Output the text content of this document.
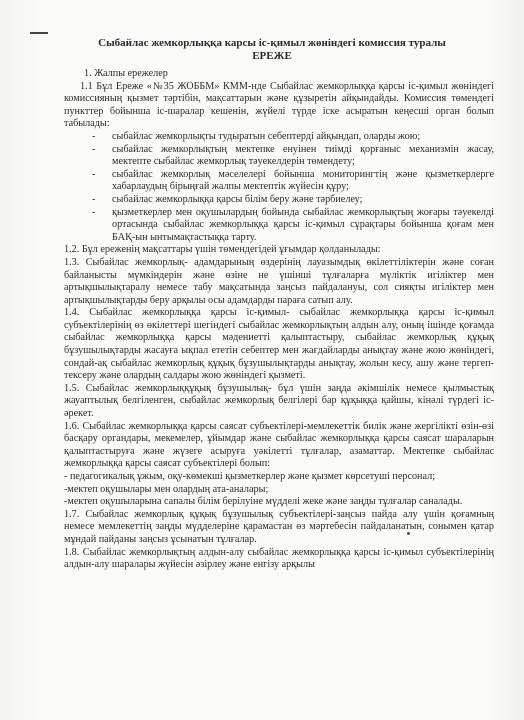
Сыбайлас жемкорлыққа карсы іс-қимыл жөніндегі комиссия туралы
ЕРЕЖЕ

1. Жалпы ережелер

1.1 Бұл Ереже «№35 ЖОББМ» КММ-нде Сыбайлас жемкорлыққа қарсы іс-қимыл жөніндегі комиссияның қызмет тәртібін, мақсаттарын және құзыретін айқындайды. Комиссия төмендегі пункттер бойынша іс-шаралар кешенін, жүйелі түрде іске асыратын кеңесші орган болып табылады:

- сыбайлас жемкорлықты тудыратын себептерді айқындап, оларды жою;
- сыбайлас жемкорлықтың мектепке енуінен тиімді қорғаныс механизмін жасау, мектепте сыбайлас жемкорлық тәуекелдерін төмендету;
- сыбайлас жемкорлық мәселелері бойынша мониторингтің және қызметкерлерге хабарлаудың бірыңғай жалпы мектептік жүйесін құру;
- сыбайлас жемкорлыққа қарсы білім беру және тәрбиелеу;
- қызметкерлер мен оқушылардың бойында сыбайлас жемкорлықтың жоғары тәуекелді ортасында сыбайлас жемкорлыққа қарсы іс-қимыл сұрақтары бойынша қоғам мен БАҚ-ын ынтымақтастыққа тарту.

1.2. Бұл ереженің мақсаттары үшін төмендегідей ұғымдар қолданылады:

1.3. Сыбайлас жемкорлық- адамдарының өздерінің лауазымдық өкілеттіліктерін және соған байланысты мүмкіндерін және өзіне не үшінші тұлғаларға мүліктік игіліктер мен артықшылықтаралу немесе табу мақсатында заңсыз пайдалануы, сол сияқты игіліктер мен артықшылықтарды беру арқылы осы адамдарды параға сатып алу.

1.4. Сыбайлас жемкорлыққа қарсы іс-қимыл- сыбайлас жемкорлыққа қарсы іс-қимыл субъектілерінің өз өкілеттері шегіндегі сыбайлас жемкорлықтың алдын алу, оның ішінде қоғамда сыбайлас жемкорлыққа қарсы мәдениетті қалыптастыру, сыбайлас жемкорлық құқық бұзушылықтарды жасауға ықпал ететін себептер мен жағдайларды анықтау және жою жөніндегі, сондай-ақ сыбайлас жемкорлық құқық бұзушылықтарды анықтау, жолын кесу, ашу және тергеп-тексеру және олардың салдары жою жөніндегі қызметі.

1.5. Сыбайлас жемкорлыққұқық бұзушылық- бұл үшін заңда әкімшілік немесе қылмыстық жауаптылық белгіленген, сыбайлас жемкорлық белгілері бар құқыққа қайшы, кінәлі түрдегі іс-әрекет.

1.6. Сыбайлас жемкорлыққа қарсы саясат субъектілері-мемлекеттік билік және жергілікті өзін-өзі басқару органдары, мекемелер, ұйымдар және сыбайлас жемкорлыққа қарсы саясат шараларын қалыптастыруға және жүзеге асыруға уәкілетті тұлғалар, азаматтар. Мектепке сыбайлас жемкорлыққа қарсы саясат субъектілері болып:

- педагогикалық ұжым, оқу-көмекші қызметкерлер және қызмет көрсетуші персонал;

-мектеп оқушылары мен олардың ата-аналары;

-мектеп оқушыларына сапалы білім берілуіне мүдделі жеке және заңды тұлғалар саналады.

1.7. Сыбайлас жемкорлық құқық бұзушылық субъектілері-заңсыз пайда алу үшін қоғамның немесе мемлекеттің заңды мүдделеріне қарамастан өз мәртебесін пайдаланатын, сонымен қатар мұндай пайданы заңсыз ұсынатын тұлғалар.

1.8. Сыбайлас жемкорлықтың алдын-алу сыбайлас жемкорлыққа қарсы іс-қимыл субъектілерінің алдын-алу шаралары жүйесін әзірлеу және енгізу арқылы
